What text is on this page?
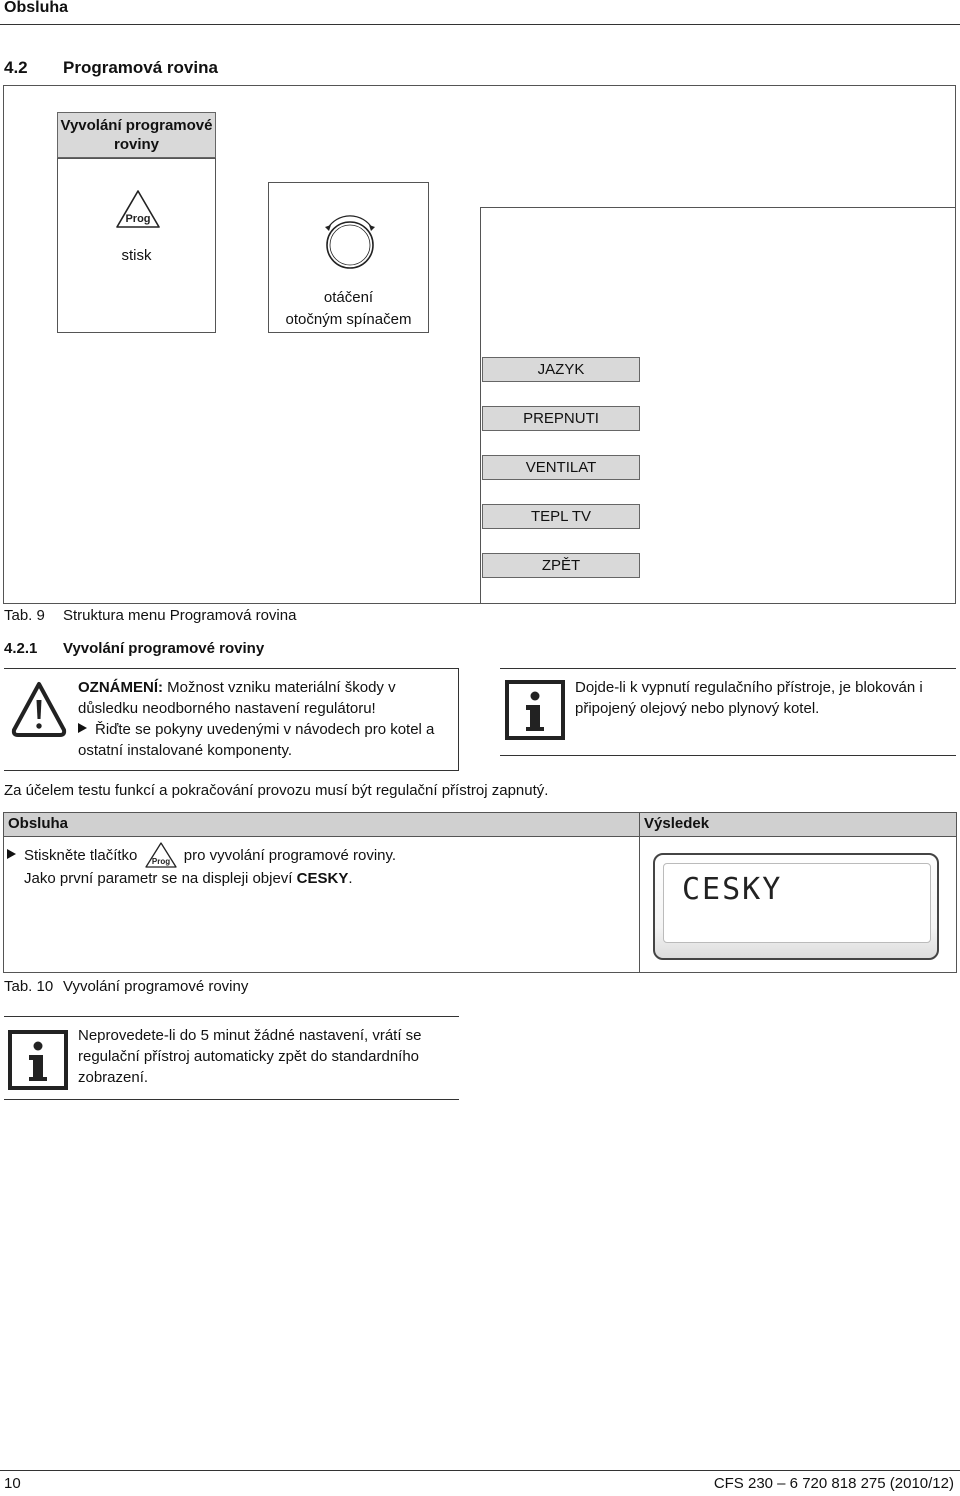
Obsluha
4.2 Programová rovina
Vyvolání programové roviny
Prog
stisk
otáčení
otočným spínačem
JAZYK
PREPNUTI
VENTILAT
TEPL TV
ZPĚT
Tab. 9 Struktura menu Programová rovina
4.2.1 Vyvolání programové roviny
OZNÁMENÍ: Možnost vzniku materiální škody v důsledku neodborného nastavení regulátoru!
Řiďte se pokyny uvedenými v návodech pro kotel a ostatní instalované komponenty.
Dojde-li k vypnutí regulačního přístroje, je blokován i připojený olejový nebo plynový kotel.
Za účelem testu funkcí a pokračování provozu musí být regulační přístroj zapnutý.
Obsluha	Výsledek
Stiskněte tlačítko Prog pro vyvolání programové roviny.
Jako první parametr se na displeji objeví CESKY.	CESKY
Tab. 10 Vyvolání programové roviny
Neprovedete-li do 5 minut žádné nastavení, vrátí se regulační přístroj automaticky zpět do standardního zobrazení.
10	CFS 230 – 6 720 818 275 (2010/12)
